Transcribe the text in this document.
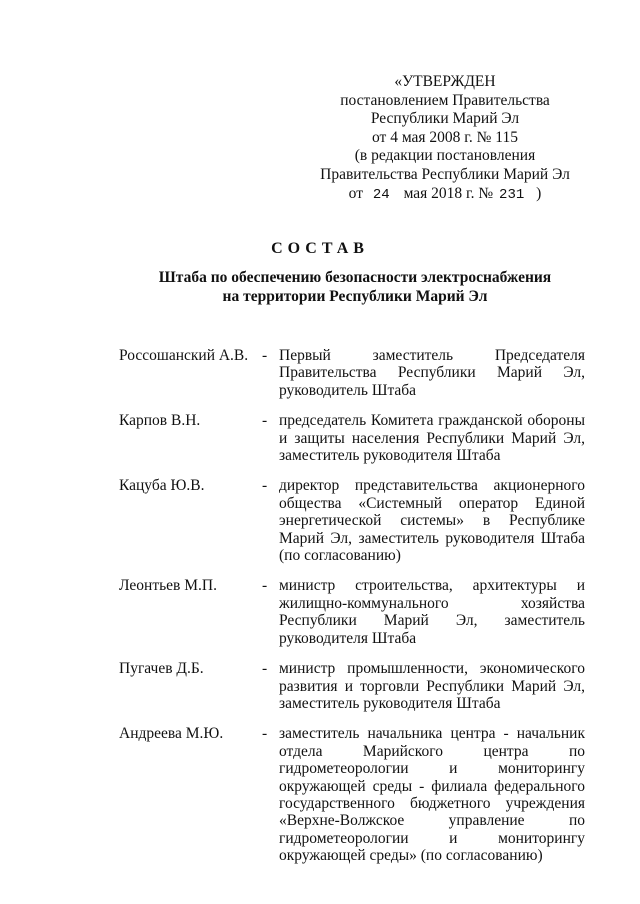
«УТВЕРЖДЕН
постановлением Правительства
Республики Марий Эл
от 4 мая 2008 г. № 115
(в редакции постановления
Правительства Республики Марий Эл
от 24 мая 2018 г. № 231 )
СОСТАВ
Штаба по обеспечению безопасности электроснабжения
на территории Республики Марий Эл
Россошанский А.В. - Первый заместитель Председателя Правительства Республики Марий Эл, руководитель Штаба
Карпов В.Н.	- председатель Комитета гражданской обороны и защиты населения Республики Марий Эл, заместитель руководителя Штаба
Кацуба Ю.В.	- директор представительства акционерного общества «Системный оператор Единой энергетической системы» в Республике Марий Эл, заместитель руководителя Штаба (по согласованию)
Леонтьев М.П.	- министр строительства, архитектуры и жилищно-коммунального хозяйства Республики Марий Эл, заместитель руководителя Штаба
Пугачев Д.Б.	- министр промышленности, экономического развития и торговли Республики Марий Эл, заместитель руководителя Штаба
Андреева М.Ю.	- заместитель начальника центра - начальник отдела Марийского центра по гидрометеорологии и мониторингу окружающей среды - филиала федерального государственного бюджетного учреждения «Верхне-Волжское управление по гидрометеорологии и мониторингу окружающей среды» (по согласованию)
